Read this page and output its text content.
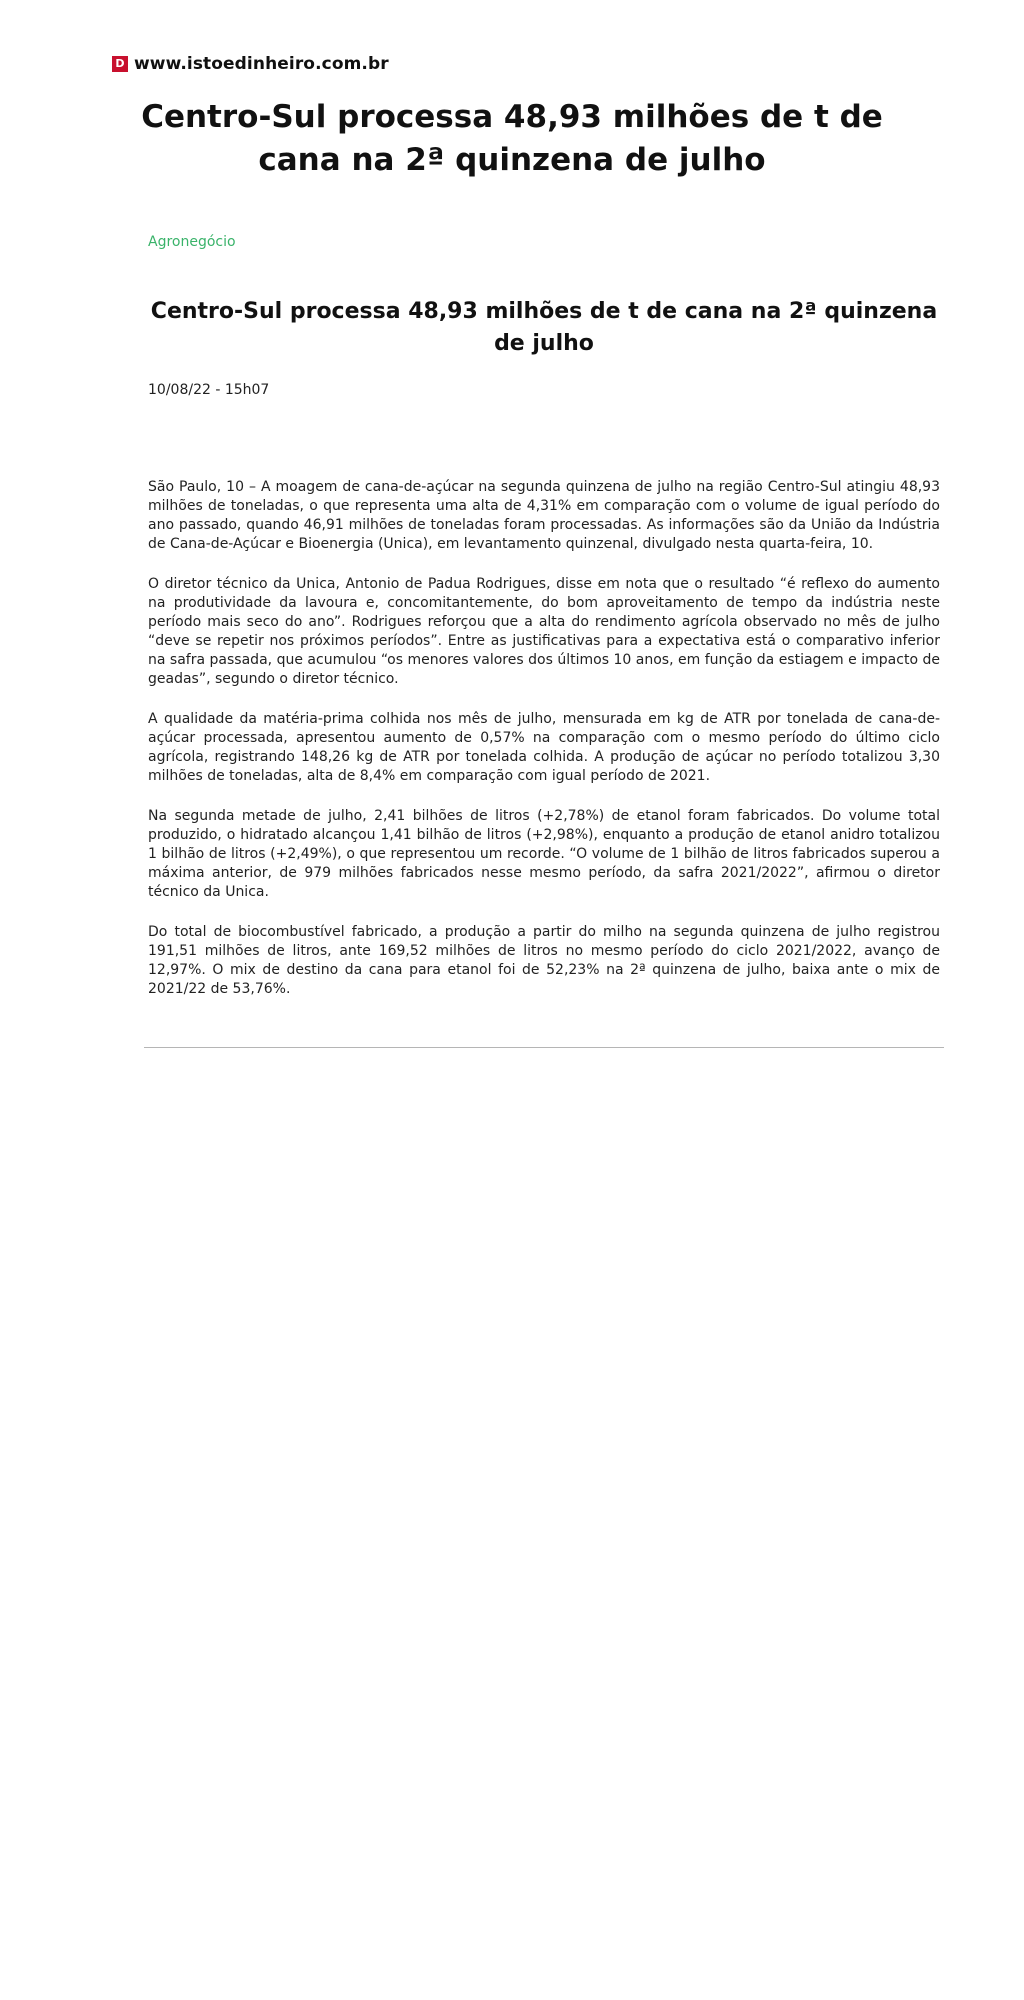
D www.istoedinheiro.com.br
Centro-Sul processa 48,93 milhões de t de cana na 2ª quinzena de julho

Agronegócio

Centro-Sul processa 48,93 milhões de t de cana na 2ª quinzena de julho

10/08/22 - 15h07

São Paulo, 10 – A moagem de cana-de-açúcar na segunda quinzena de julho na região Centro-Sul atingiu 48,93 milhões de toneladas, o que representa uma alta de 4,31% em comparação com o volume de igual período do ano passado, quando 46,91 milhões de toneladas foram processadas. As informações são da União da Indústria de Cana-de-Açúcar e Bioenergia (Unica), em levantamento quinzenal, divulgado nesta quarta-feira, 10.

O diretor técnico da Unica, Antonio de Padua Rodrigues, disse em nota que o resultado “é reflexo do aumento na produtividade da lavoura e, concomitantemente, do bom aproveitamento de tempo da indústria neste período mais seco do ano”. Rodrigues reforçou que a alta do rendimento agrícola observado no mês de julho “deve se repetir nos próximos períodos”. Entre as justificativas para a expectativa está o comparativo inferior na safra passada, que acumulou “os menores valores dos últimos 10 anos, em função da estiagem e impacto de geadas”, segundo o diretor técnico.

A qualidade da matéria-prima colhida nos mês de julho, mensurada em kg de ATR por tonelada de cana-de-açúcar processada, apresentou aumento de 0,57% na comparação com o mesmo período do último ciclo agrícola, registrando 148,26 kg de ATR por tonelada colhida. A produção de açúcar no período totalizou 3,30 milhões de toneladas, alta de 8,4% em comparação com igual período de 2021.

Na segunda metade de julho, 2,41 bilhões de litros (+2,78%) de etanol foram fabricados. Do volume total produzido, o hidratado alcançou 1,41 bilhão de litros (+2,98%), enquanto a produção de etanol anidro totalizou 1 bilhão de litros (+2,49%), o que representou um recorde. “O volume de 1 bilhão de litros fabricados superou a máxima anterior, de 979 milhões fabricados nesse mesmo período, da safra 2021/2022”, afirmou o diretor técnico da Unica.

Do total de biocombustível fabricado, a produção a partir do milho na segunda quinzena de julho registrou 191,51 milhões de litros, ante 169,52 milhões de litros no mesmo período do ciclo 2021/2022, avanço de 12,97%. O mix de destino da cana para etanol foi de 52,23% na 2ª quinzena de julho, baixa ante o mix de 2021/22 de 53,76%.
